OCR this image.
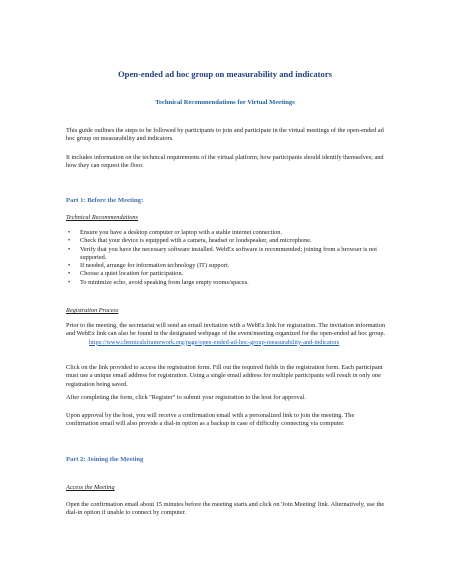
Open-ended ad hoc group on measurability and indicators
Technical Recommendations for Virtual Meetings

This guide outlines the steps to be followed by participants to join and participate in the virtual meetings of the open-ended ad hoc group on measurability and indicators.

It includes information on the technical requirements of the virtual platform; how participants should identify themselves; and how they can request the floor.

Part 1: Before the Meeting:
Technical Recommendations
• Ensure you have a desktop computer or laptop with a stable internet connection.
• Check that your device is equipped with a camera, headset or loudspeaker, and microphone.
• Verify that you have the necessary software installed. WebEx software is recommended; joining from a browser is not supported.
• If needed, arrange for information technology (IT) support.
• Choose a quiet location for participation.
• To minimize echo, avoid speaking from large empty rooms/spaces.
Registration Process

Prior to the meeting, the secretariat will send an email invitation with a WebEx link for registration. The invitation information and WebEx link can also be found in the designated webpage of the event/meeting organized for the open-ended ad hoc group.
https://www.chemicalsframework.org/page/open-ended-ad-hoc-group-measurability-and-indicators

Click on the link provided to access the registration form. Fill out the required fields in the registration form. Each participant must use a unique email address for registration. Using a single email address for multiple participants will result in only one registration being saved.

After completing the form, click "Register" to submit your registration to the host for approval.

Upon approval by the host, you will receive a confirmation email with a personalized link to join the meeting. The confirmation email will also provide a dial-in option as a backup in case of difficulty connecting via computer.

Part 2: Joining the Meeting
Access the Meeting

Open the confirmation email about 15 minutes before the meeting starts and click on 'Join Meeting' link. Alternatively, use the dial-in option if unable to connect by computer.
